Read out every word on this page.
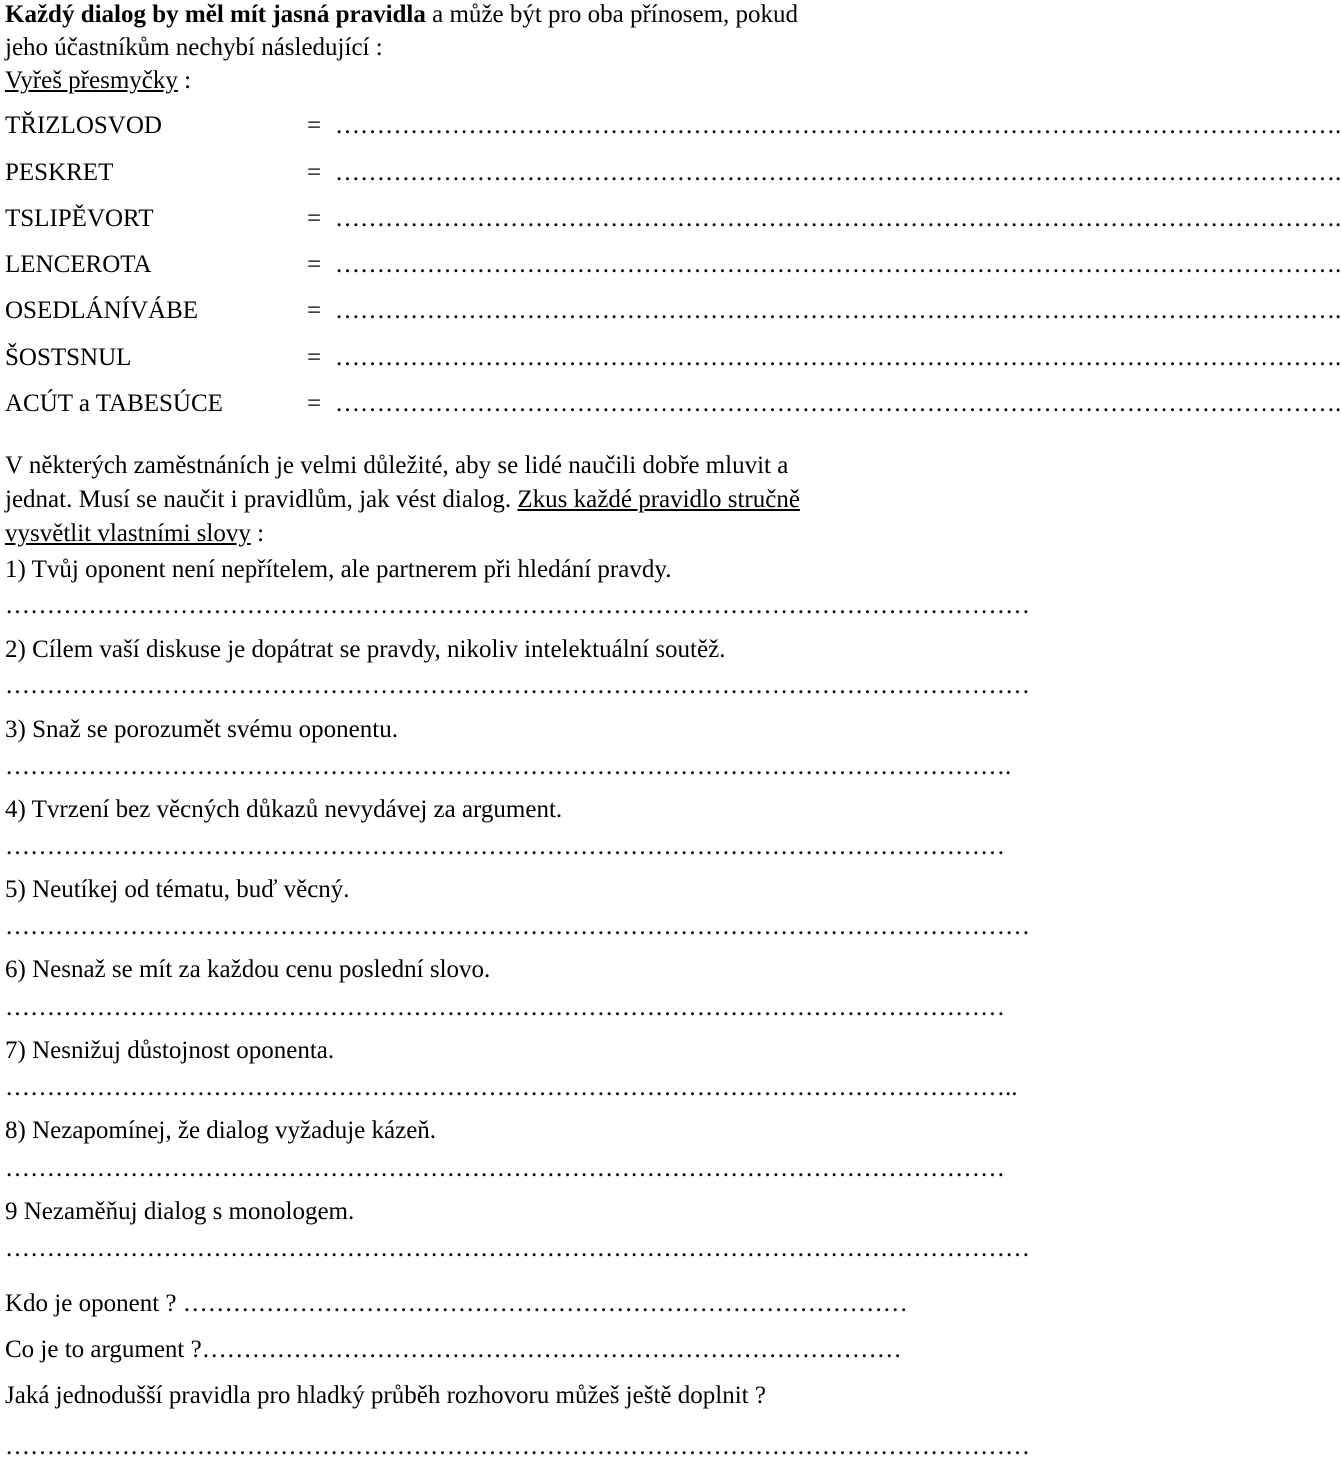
Každý dialog by měl mít jasná pravidla a může být pro oba přínosem, pokud
jeho účastníkům nechybí následující :
Vyřeš přesmyčky :
TŘIZLOSVOD	= ………………………………………………………………………………………………………….
PESKRET	= ………………………………………………………………………………………………………….
TSLIPĚVORT	= ………………………………………………………………………………………………………….
LENCEROTA	= ………………………………………………………………………………………………………….
OSEDLÁNÍVÁBE	= ………………………………………………………………………………………………………….
ŠOSTSNUL	= ………………………………………………………………………………………………………….
ACÚT a TABESÚCE	= ………………………………………………………………………………………………………….
V některých zaměstnáních je velmi důležité, aby se lidé naučili dobře mluvit a
jednat. Musí se naučit i pravidlům, jak vést dialog. Zkus každé pravidlo stručně
vysvětlit vlastními slovy :
1) Tvůj oponent není nepřítelem, ale partnerem při hledání pravdy.
……………………………………………………………………………………………………………
2) Cílem vaší diskuse je dopátrat se pravdy, nikoliv intelektuální soutěž.
……………………………………………………………………………………………………………
3) Snaž se porozumět svému oponentu.
………………………………………………………………………………………………………….
4) Tvrzení bez věcných důkazů nevydávej za argument.
…………………………………………………………………………………………………………
5) Neutíkej od tématu, buď věcný.
……………………………………………………………………………………………………………
6) Nesnaž se mít za každou cenu poslední slovo.
…………………………………………………………………………………………………………
7) Nesnižuj důstojnost oponenta.
…………………………………………………………………………………………………………..
8) Nezapomínej, že dialog vyžaduje kázeň.
…………………………………………………………………………………………………………
9 Nezaměňuj dialog s monologem.
……………………………………………………………………………………………………………
Kdo je oponent ? ……………………………………………………………………………
Co je to argument ?…………………………………………………………………………
Jaká jednodušší pravidla pro hladký průběh rozhovoru můžeš ještě doplnit ?
……………………………………………………………………………………………………………
